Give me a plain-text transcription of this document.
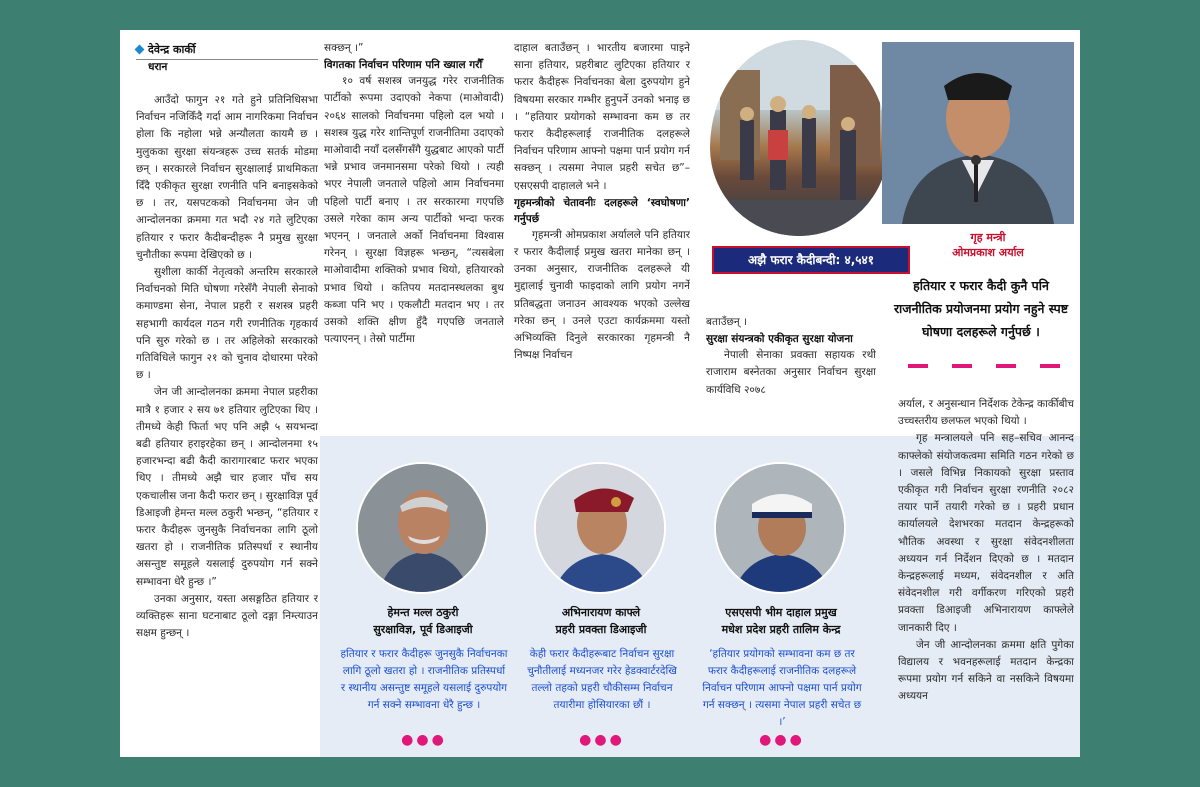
देवेन्द्र कार्की
धरान

आउँदो फागुन २१ गते हुने प्रतिनिधिसभा निर्वाचन नजिकिँदै गर्दा आम नागरिकमा निर्वाचन होला कि नहोला भन्ने अन्यौलता कायमै छ । मुलुकका सुरक्षा संयन्त्रहरू उच्च सतर्क मोडमा छन् । सरकारले निर्वाचन सुरक्षालाई प्राथमिकता दिँदै एकीकृत सुरक्षा रणनीति पनि बनाइसकेको छ । तर, यसपटकको निर्वाचनमा जेन जी आन्दोलनका क्रममा गत भदौ २४ गते लुटिएका हतियार र फरार कैदीबन्दीहरू नै प्रमुख सुरक्षा चुनौतीका रूपमा देखिएको छ ।

सुशीला कार्की नेतृत्वको अन्तरिम सरकारले निर्वाचनको मिति घोषणा गरेसँगै नेपाली सेनाको कमाण्डमा सेना, नेपाल प्रहरी र सशस्त्र प्रहरी सहभागी कार्यदल गठन गरी रणनीतिक गृहकार्य पनि सुरु गरेको छ । तर अहिलेको सरकारको गतिविधिले फागुन २१ को चुनाव दोधारमा परेको छ ।

जेन जी आन्दोलनका क्रममा नेपाल प्रहरीका मात्रै १ हजार २ सय ७१ हतियार लुटिएका थिए । तीमध्ये केही फिर्ता भए पनि अझै ५ सयभन्दा बढी हतियार हराइरहेका छन् । आन्दोलनमा १५ हजारभन्दा बढी कैदी कारागारबाट फरार भएका थिए । तीमध्ये अझै चार हजार पाँच सय एकचालीस जना कैदी फरार छन् । सुरक्षाविज्ञ पूर्व डिआइजी हेमन्त मल्ल ठकुरी भन्छन्, “हतियार र फरार कैदीहरू जुनसुकै निर्वाचनका लागि ठूलो खतरा हो । राजनीतिक प्रतिस्पर्धा र स्थानीय असन्तुष्ट समूहले यसलाई दुरुपयोग गर्न सक्ने सम्भावना धेरै हुन्छ ।”

उनका अनुसार, यस्ता असङ्गठित हतियार र व्यक्तिहरू साना घटनाबाट ठूलो दङ्गा निम्त्याउन सक्षम हुन्छन् ।

सक्छन् ।”

विगतका निर्वाचन परिणाम पनि ख्याल गरौँ

१० वर्ष सशस्त्र जनयुद्ध गरेर राजनीतिक पार्टीको रूपमा उदाएको नेकपा (माओवादी) २०६४ सालको निर्वाचनमा पहिलो दल भयो । सशस्त्र युद्ध गरेर शान्तिपूर्ण राजनीतिमा उदाएको माओवादी नयाँ दलसँगसँगै युद्धबाट आएको पार्टी भन्ने प्रभाव जनमानसमा परेको थियो । त्यही भएर नेपाली जनताले पहिलो आम निर्वाचनमा पहिलो पार्टी बनाए । तर सरकारमा गएपछि उसले गरेका काम अन्य पार्टीको भन्दा फरक भएनन् । जनताले अर्को निर्वाचनमा विश्वास गरेनन् । सुरक्षा विज्ञहरू भन्छन्, “त्यसबेला माओवादीमा शक्तिको प्रभाव थियो, हतियारको प्रभाव थियो । कतिपय मतदानस्थलका बुथ कब्जा पनि भए । एकलौटी मतदान भए । तर उसको शक्ति क्षीण हुँदै गएपछि जनताले पत्याएनन् । तेस्रो पार्टीमा

दाहाल बताउँछन् । भारतीय बजारमा पाइने साना हतियार, प्रहरीबाट लुटिएका हतियार र फरार कैदीहरू निर्वाचनका बेला दुरुपयोग हुने विषयमा सरकार गम्भीर हुनुपर्ने उनको भनाइ छ । “हतियार प्रयोगको सम्भावना कम छ तर फरार कैदीहरूलाई राजनीतिक दलहरूले निर्वाचन परिणाम आफ्नो पक्षमा पार्न प्रयोग गर्न सक्छन् । त्यसमा नेपाल प्रहरी सचेत छ”–एसएसपी दाहालले भने ।

गृहमन्त्रीको चेतावनीः दलहरूले ‘स्वघोषणा’ गर्नुपर्छ

गृहमन्त्री ओमप्रकाश अर्यालले पनि हतियार र फरार कैदीलाई प्रमुख खतरा मानेका छन् । उनका अनुसार, राजनीतिक दलहरूले यी मुद्दालाई चुनावी फाइदाको लागि प्रयोग नगर्ने प्रतिबद्धता जनाउन आवश्यक भएको उल्लेख गरेका छन् । उनले एउटा कार्यक्रममा यस्तो अभिव्यक्ति दिनुले सरकारका गृहमन्त्री नै निष्पक्ष निर्वाचन

गृह मन्त्री
ओमप्रकाश अर्याल
अझै फरार कैदीबन्दी: ४,५४१
हतियार र फरार कैदी कुनै पनि राजनीतिक प्रयोजनमा प्रयोग नहुने स्पष्ट घोषणा दलहरूले गर्नुपर्छ ।

बताउँछन् ।

सुरक्षा संयन्त्रको एकीकृत सुरक्षा योजना

नेपाली सेनाका प्रवक्ता सहायक रथी राजाराम बस्नेतका अनुसार निर्वाचन सुरक्षा कार्यविधि २०७८

अर्याल, र अनुसन्धान निर्देशक टेकेन्द्र कार्कीबीच उच्चस्तरीय छलफल भएको थियो ।

गृह मन्त्रालयले पनि सह–सचिव आनन्द काफ्लेको संयोजकत्वमा समिति गठन गरेको छ । जसले विभिन्न निकायको सुरक्षा प्रस्ताव एकीकृत गरी निर्वाचन सुरक्षा रणनीति २०८२ तयार पार्ने तयारी गरेको छ । प्रहरी प्रधान कार्यालयले देशभरका मतदान केन्द्रहरूको भौतिक अवस्था र सुरक्षा संवेदनशीलता अध्ययन गर्न निर्देशन दिएको छ । मतदान केन्द्रहरूलाई मध्यम, संवेदनशील र अति संवेदनशील गरी वर्गीकरण गरिएको प्रहरी प्रवक्ता डिआइजी अभिनारायण काफ्लेले जानकारी दिए ।

जेन जी आन्दोलनका क्रममा क्षति पुगेका विद्यालय र भवनहरूलाई मतदान केन्द्रका रूपमा प्रयोग गर्न सकिने वा नसकिने विषयमा अध्ययन

हेमन्त मल्ल ठकुरी
सुरक्षाविज्ञ, पूर्व डिआइजी
अभिनारायण काफ्ले
प्रहरी प्रवक्ता डिआइजी
एसएसपी भीम दाहाल प्रमुख
मधेश प्रदेश प्रहरी तालिम केन्द्र
हतियार र फरार कैदीहरू जुनसुकै निर्वाचनका लागि ठूलो खतरा हो । राजनीतिक प्रतिस्पर्धा र स्थानीय असन्तुष्ट समूहले यसलाई दुरुपयोग गर्न सक्ने सम्भावना धेरै हुन्छ ।
केही फरार कैदीहरूबाट निर्वाचन सुरक्षा चुनौतीलाई मध्यनजर गरेर हेडक्वार्टरदेखि तल्लो तहको प्रहरी चौकीसम्म निर्वाचन तयारीमा होसियारका छौं ।
‘हतियार प्रयोगको सम्भावना कम छ तर फरार कैदीहरूलाई राजनीतिक दलहरूले निर्वाचन परिणाम आफ्नो पक्षमा पार्न प्रयोग गर्न सक्छन् । त्यसमा नेपाल प्रहरी सचेत छ ।’
●●●	●●●	●●●
